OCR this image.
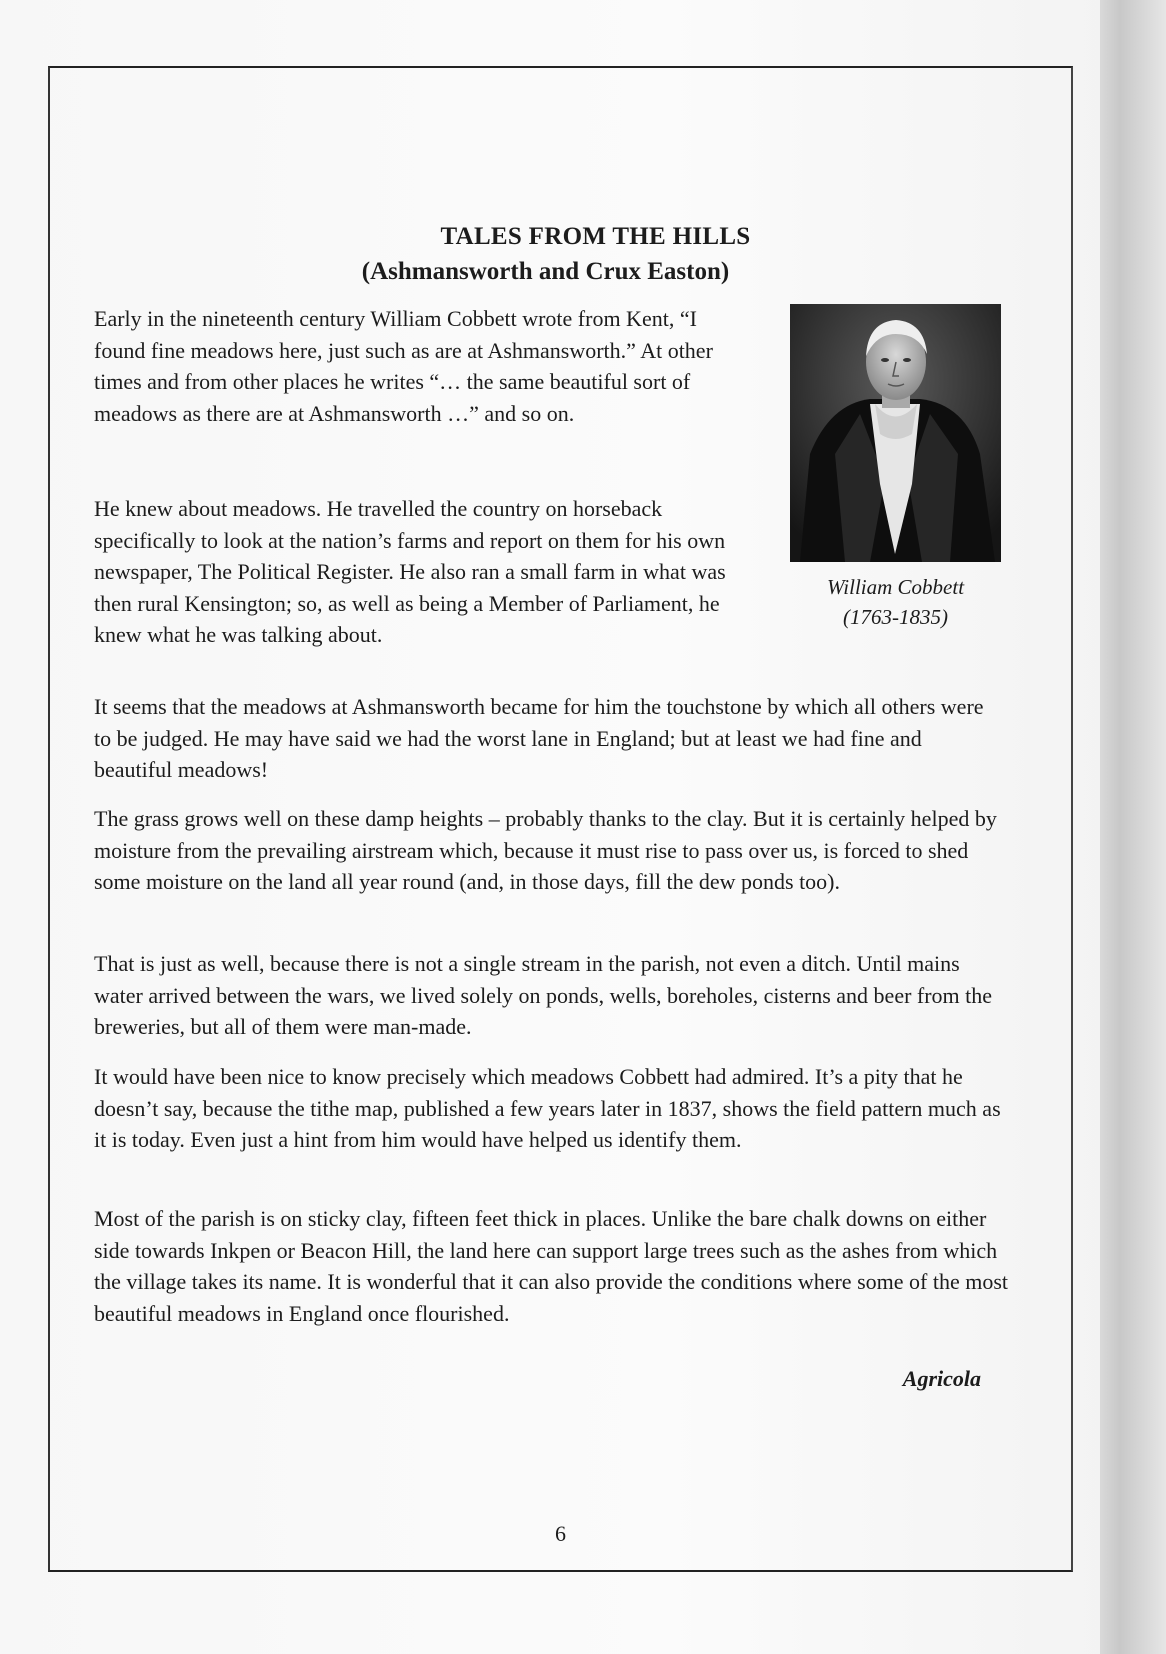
TALES FROM THE HILLS
(Ashmansworth and Crux Easton)
William Cobbett
(1763-1835)

Early in the nineteenth century William Cobbett wrote from Kent, “I found fine meadows here, just such as are at Ashmansworth.” At other times and from other places he writes “… the same beautiful sort of meadows as there are at Ashmansworth …” and so on.

He knew about meadows. He travelled the country on horseback specifically to look at the nation’s farms and report on them for his own newspaper, The Political Register. He also ran a small farm in what was then rural Kensington; so, as well as being a Member of Parliament, he knew what he was talking about.

It seems that the meadows at Ashmansworth became for him the touchstone by which all others were to be judged. He may have said we had the worst lane in England; but at least we had fine and beautiful meadows!

The grass grows well on these damp heights – probably thanks to the clay. But it is certainly helped by moisture from the prevailing airstream which, because it must rise to pass over us, is forced to shed some moisture on the land all year round (and, in those days, fill the dew ponds too).

That is just as well, because there is not a single stream in the parish, not even a ditch. Until mains water arrived between the wars, we lived solely on ponds, wells, boreholes, cisterns and beer from the breweries, but all of them were man-made.

It would have been nice to know precisely which meadows Cobbett had admired. It’s a pity that he doesn’t say, because the tithe map, published a few years later in 1837, shows the field pattern much as it is today. Even just a hint from him would have helped us identify them.

Most of the parish is on sticky clay, fifteen feet thick in places. Unlike the bare chalk downs on either side towards Inkpen or Beacon Hill, the land here can support large trees such as the ashes from which the village takes its name. It is wonderful that it can also provide the conditions where some of the most beautiful meadows in England once flourished.

Agricola
6
